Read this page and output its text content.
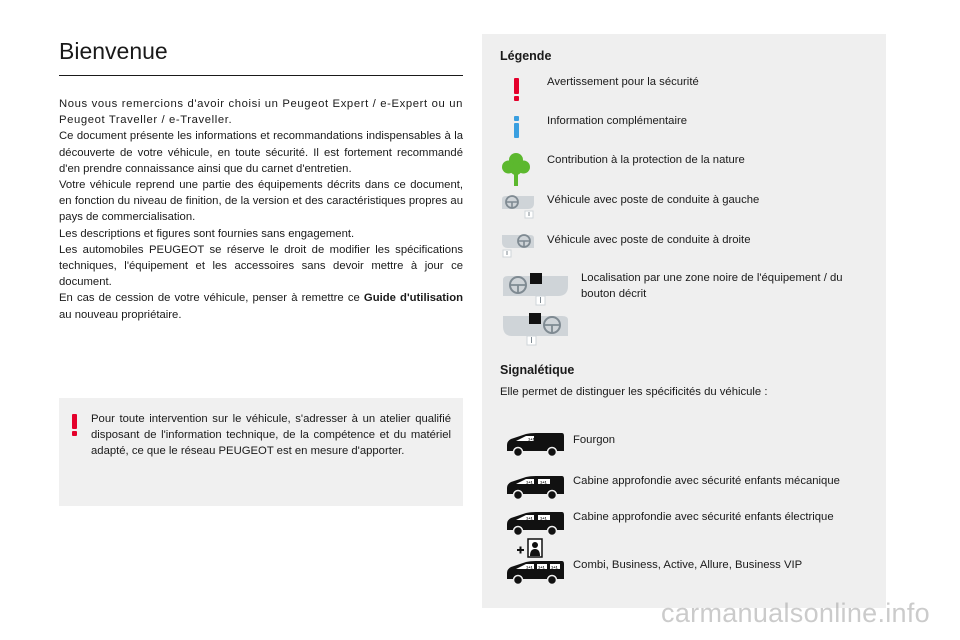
Bienvenue

Nous vous remercions d'avoir choisi un Peugeot Expert / e-Expert ou un Peugeot Traveller / e-Traveller.

Ce document présente les informations et recommandations indispensables à la découverte de votre véhicule, en toute sécurité. Il est fortement recommandé d'en prendre connaissance ainsi que du carnet d'entretien.

Votre véhicule reprend une partie des équipements décrits dans ce document, en fonction du niveau de finition, de la version et des caractéristiques propres au pays de commercialisation.

Les descriptions et figures sont fournies sans engagement.

Les automobiles PEUGEOT se réserve le droit de modifier les spécifications techniques, l'équipement et les accessoires sans devoir mettre à jour ce document.

En cas de cession de votre véhicule, penser à remettre ce Guide d'utilisation au nouveau propriétaire.

Pour toute intervention sur le véhicule, s'adresser à un atelier qualifié disposant de l'information technique, de la compétence et du matériel adapté, ce que le réseau PEUGEOT est en mesure d'apporter.
Légende
Avertissement pour la sécurité
Information complémentaire
Contribution à la protection de la nature
Véhicule avec poste de conduite à gauche
Véhicule avec poste de conduite à droite
Localisation par une zone noire de l'équipement / du bouton décrit
Signalétique
Elle permet de distinguer les spécificités du véhicule :
1+1	Fourgon
1+1 1+1 Cabine approfondie avec sécurité enfants mécanique
1+1 1+1 Cabine approfondie avec sécurité enfants électrique
1+1 1+1 1+1 Combi, Business, Active, Allure, Business VIP
carmanualsonline.info
